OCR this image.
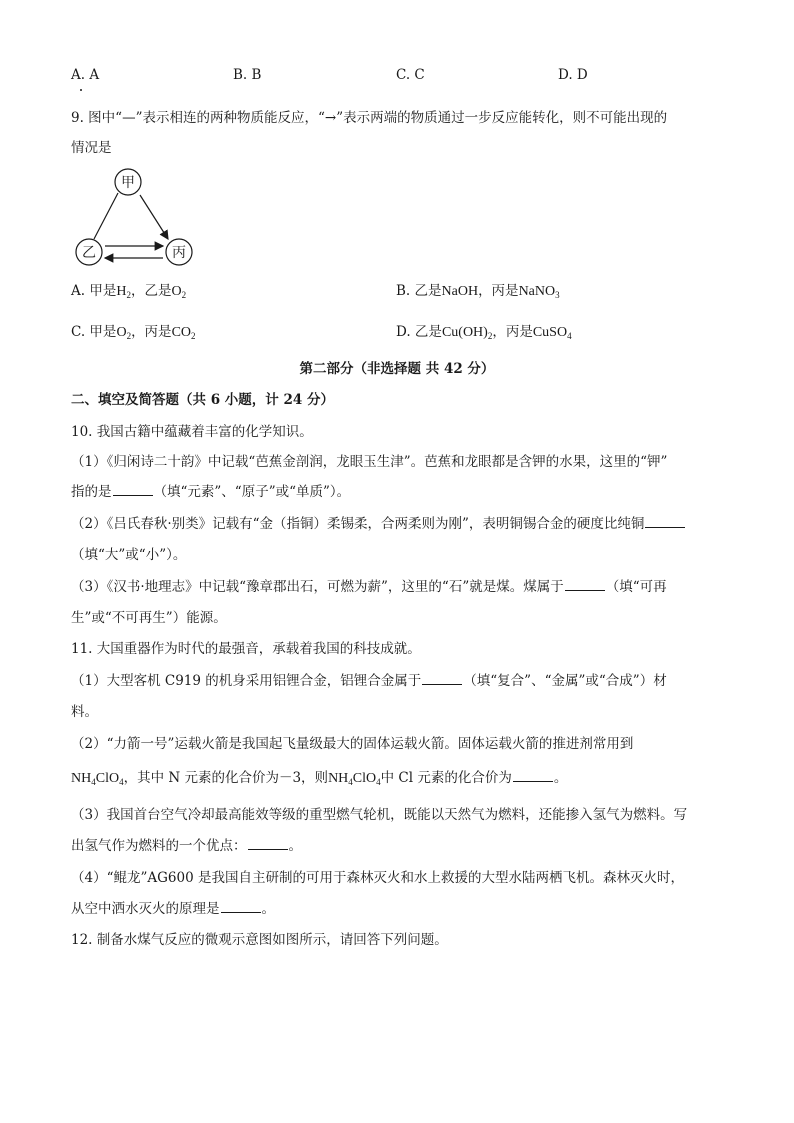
A. A	B. B	C. C	D. D
9. 图中“—”表示相连的两种物质能反应，“→”表示两端的物质通过一步反应能转化，则不可能出现的
情况是
甲
乙	丙
A. 甲是$H_2$，乙是$O_2$	B. 乙是NaOH，丙是NaNO$_3$
C. 甲是$O_2$，丙是$CO_2$	D. 乙是$Cu(OH)_2$，丙是CuSO$_4$
第二部分（非选择题 共 42 分）
二、填空及简答题（共 6 小题，计 24 分）
10. 我国古籍中蕴藏着丰富的化学知识。
（1）《归闲诗二十韵》中记载“芭蕉金剖润，龙眼玉生津”。芭蕉和龙眼都是含钾的水果，这里的“钾”
指的是	（填“元素”、“原子”或“单质”）。
（2）《吕氏春秋·别类》记载有“金（指铜）柔锡柔，合两柔则为刚”，表明铜锡合金的硬度比纯铜
（填“大”或“小”）。
（3）《汉书·地理志》中记载“豫章郡出石，可燃为薪”，这里的“石”就是煤。煤属于	（填“可再
生”或“不可再生”）能源。
11. 大国重器作为时代的最强音，承载着我国的科技成就。
（1）大型客机 C919 的机身采用铝锂合金，铝锂合金属于	（填“复合”、“金属”或“合成”）材
料。
（2）“力箭一号”运载火箭是我国起飞量级最大的固体运载火箭。固体运载火箭的推进剂常用到
$NH_4ClO_4$，其中 N 元素的化合价为－3，则$NH_4ClO_4$中 Cl 元素的化合价为	。
（3）我国首台空气冷却最高能效等级的重型燃气轮机，既能以天然气为燃料，还能掺入氢气为燃料。写
出氢气作为燃料的一个优点：	。
（4）“鲲龙”AG600 是我国自主研制的可用于森林灭火和水上救援的大型水陆两栖飞机。森林灭火时，
从空中洒水灭火的原理是	。
12. 制备水煤气反应的微观示意图如图所示，请回答下列问题。
